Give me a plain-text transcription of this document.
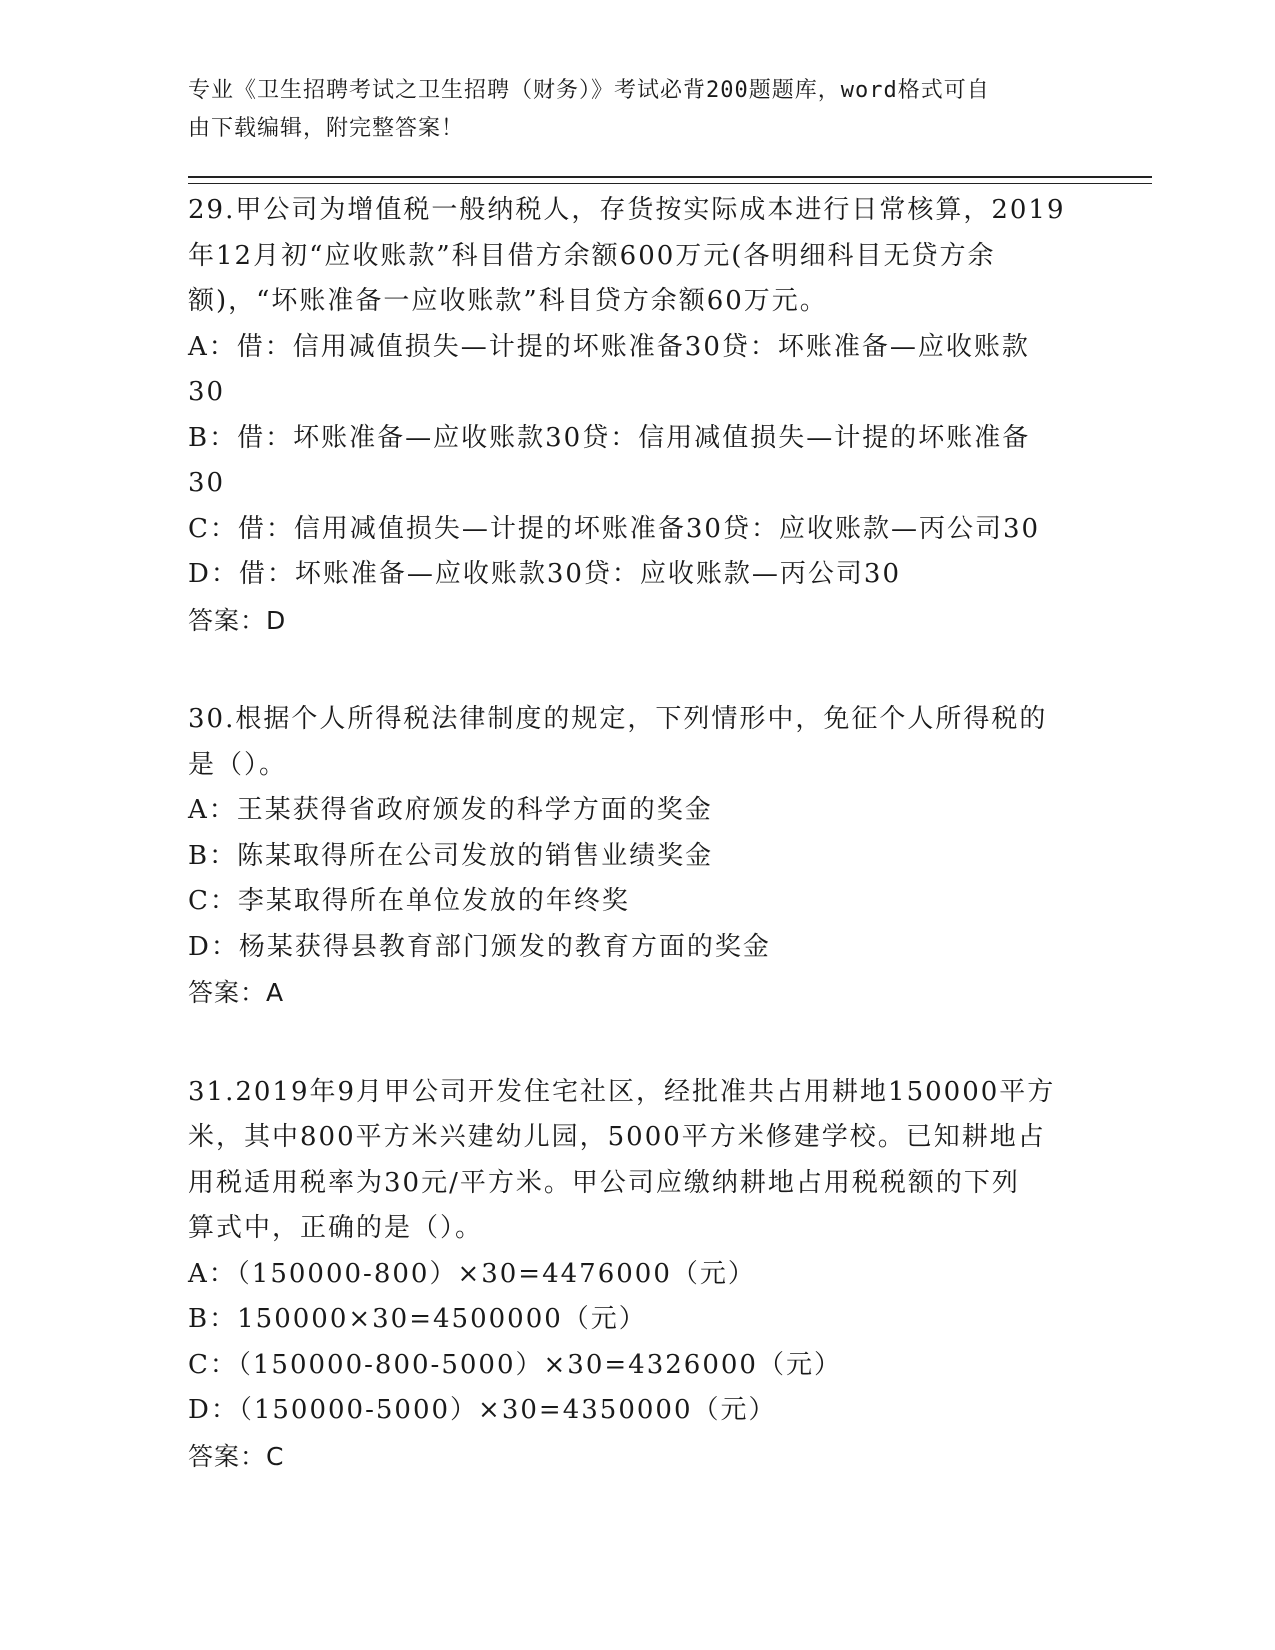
专业《卫生招聘考试之卫生招聘（财务）》考试必背200题题库，word格式可自
由下载编辑，附完整答案！
29.甲公司为增值税一般纳税人，存货按实际成本进行日常核算，2019
年12月初“应收账款”科目借方余额600万元(各明细科目无贷方余
额)，“坏账准备一应收账款”科目贷方余额60万元。
A：借：信用减值损失—计提的坏账准备30贷：坏账准备—应收账款
30
B：借：坏账准备—应收账款30贷：信用减值损失—计提的坏账准备
30
C：借：信用减值损失—计提的坏账准备30贷：应收账款—丙公司30
D：借：坏账准备—应收账款30贷：应收账款—丙公司30
答案：D
30.根据个人所得税法律制度的规定，下列情形中，免征个人所得税的
是（）。
A：王某获得省政府颁发的科学方面的奖金
B：陈某取得所在公司发放的销售业绩奖金
C：李某取得所在单位发放的年终奖
D：杨某获得县教育部门颁发的教育方面的奖金
答案：A
31.2019年9月甲公司开发住宅社区，经批准共占用耕地150000平方
米，其中800平方米兴建幼儿园，5000平方米修建学校。已知耕地占
用税适用税率为30元/平方米。甲公司应缴纳耕地占用税税额的下列
算式中，正确的是（）。
A：（150000-800）×30=4476000（元）
B：150000×30=4500000（元）
C：（150000-800-5000）×30=4326000（元）
D：（150000-5000）×30=4350000（元）
答案：C
